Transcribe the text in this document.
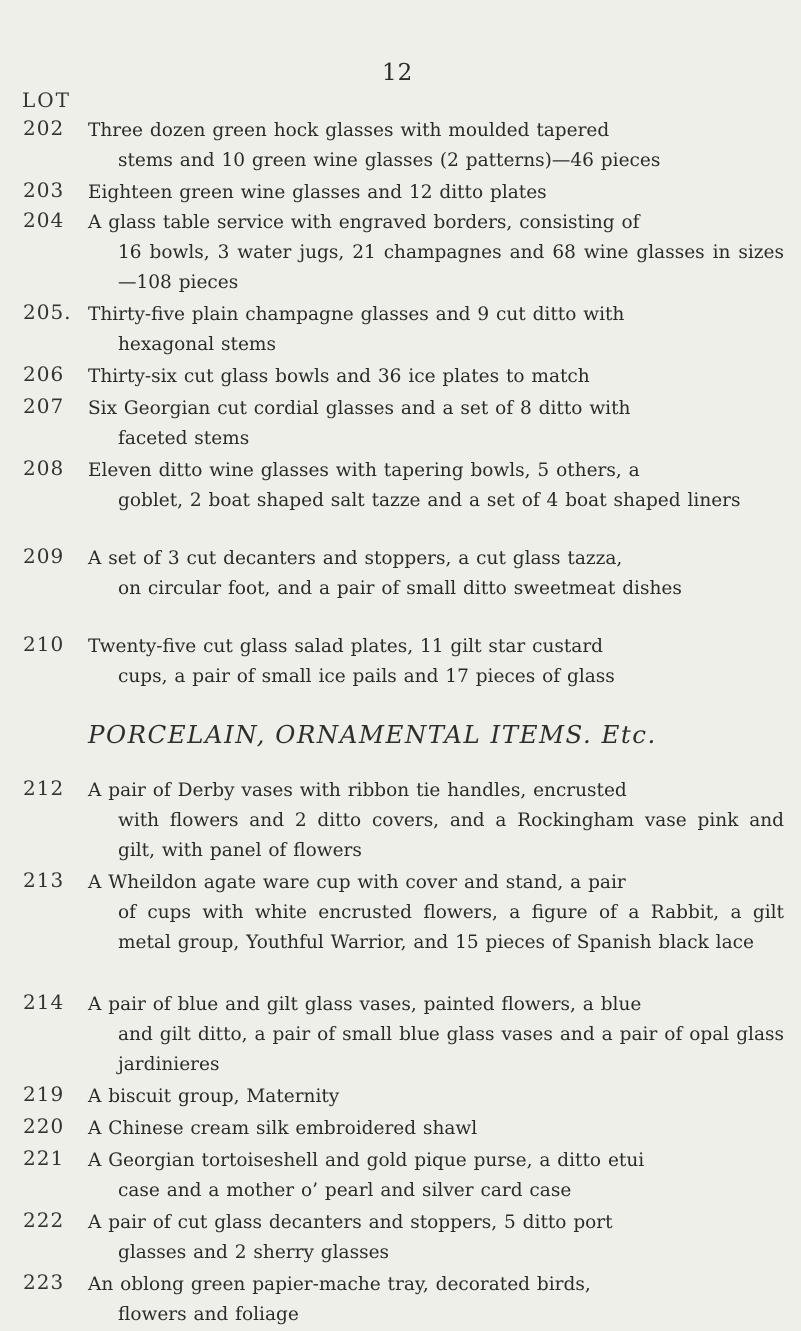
12
LOT
202 Three dozen green hock glasses with moulded tapered
stems and 10 green wine glasses (2 patterns)—46 pieces
203 Eighteen green wine glasses and 12 ditto plates
204 A glass table service with engraved borders, consisting of
16 bowls, 3 water jugs, 21 champagnes and 68 wine glasses in sizes—108 pieces
205. Thirty-five plain champagne glasses and 9 cut ditto with
hexagonal stems
206 Thirty-six cut glass bowls and 36 ice plates to match
207 Six Georgian cut cordial glasses and a set of 8 ditto with
faceted stems
208 Eleven ditto wine glasses with tapering bowls, 5 others, a
goblet, 2 boat shaped salt tazze and a set of 4 boat shaped liners
209 A set of 3 cut decanters and stoppers, a cut glass tazza,
on circular foot, and a pair of small ditto sweetmeat dishes
210 Twenty-five cut glass salad plates, 11 gilt star custard
cups, a pair of small ice pails and 17 pieces of glass
PORCELAIN, ORNAMENTAL ITEMS. Etc.
212 A pair of Derby vases with ribbon tie handles, encrusted
with flowers and 2 ditto covers, and a Rockingham vase pink and gilt, with panel of flowers
213 A Wheildon agate ware cup with cover and stand, a pair
of cups with white encrusted flowers, a figure of a Rabbit, a gilt metal group, Youthful Warrior, and 15 pieces of Spanish black lace
214 A pair of blue and gilt glass vases, painted flowers, a blue
and gilt ditto, a pair of small blue glass vases and a pair of opal glass jardinieres
219 A biscuit group, Maternity
220 A Chinese cream silk embroidered shawl
221 A Georgian tortoiseshell and gold pique purse, a ditto etui
case and a mother o’ pearl and silver card case
222 A pair of cut glass decanters and stoppers, 5 ditto port
glasses and 2 sherry glasses
223 An oblong green papier-mache tray, decorated birds,
flowers and foliage
